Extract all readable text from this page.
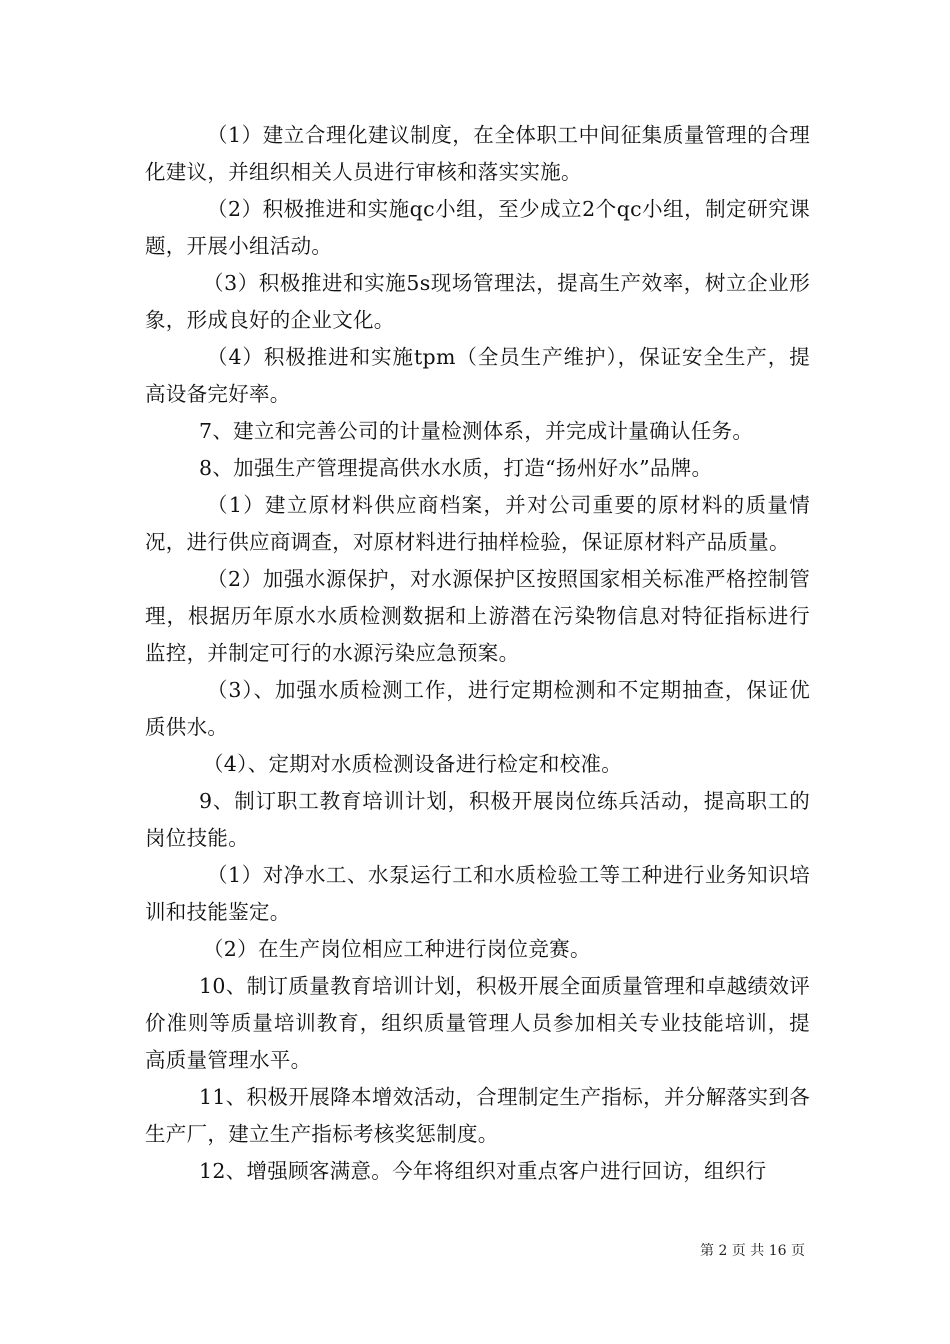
（1）建立合理化建议制度，在全体职工中间征集质量管理的合理化建议，并组织相关人员进行审核和落实实施。

（2）积极推进和实施qc小组，至少成立2个qc小组，制定研究课题，开展小组活动。

（3）积极推进和实施5s现场管理法，提高生产效率，树立企业形象，形成良好的企业文化。

（4）积极推进和实施tpm（全员生产维护），保证安全生产，提高设备完好率。

7、建立和完善公司的计量检测体系，并完成计量确认任务。

8、加强生产管理提高供水水质，打造“扬州好水”品牌。

（1）建立原材料供应商档案，并对公司重要的原材料的质量情况，进行供应商调查，对原材料进行抽样检验，保证原材料产品质量。

（2）加强水源保护，对水源保护区按照国家相关标准严格控制管理，根据历年原水水质检测数据和上游潜在污染物信息对特征指标进行监控，并制定可行的水源污染应急预案。

（3）、加强水质检测工作，进行定期检测和不定期抽查，保证优质供水。

（4）、定期对水质检测设备进行检定和校准。

9、制订职工教育培训计划，积极开展岗位练兵活动，提高职工的岗位技能。

（1）对净水工、水泵运行工和水质检验工等工种进行业务知识培训和技能鉴定。

（2）在生产岗位相应工种进行岗位竞赛。

10、制订质量教育培训计划，积极开展全面质量管理和卓越绩效评价准则等质量培训教育，组织质量管理人员参加相关专业技能培训，提高质量管理水平。

11、积极开展降本增效活动，合理制定生产指标，并分解落实到各生产厂，建立生产指标考核奖惩制度。

12、增强顾客满意。今年将组织对重点客户进行回访，组织行

第 2 页 共 16 页
